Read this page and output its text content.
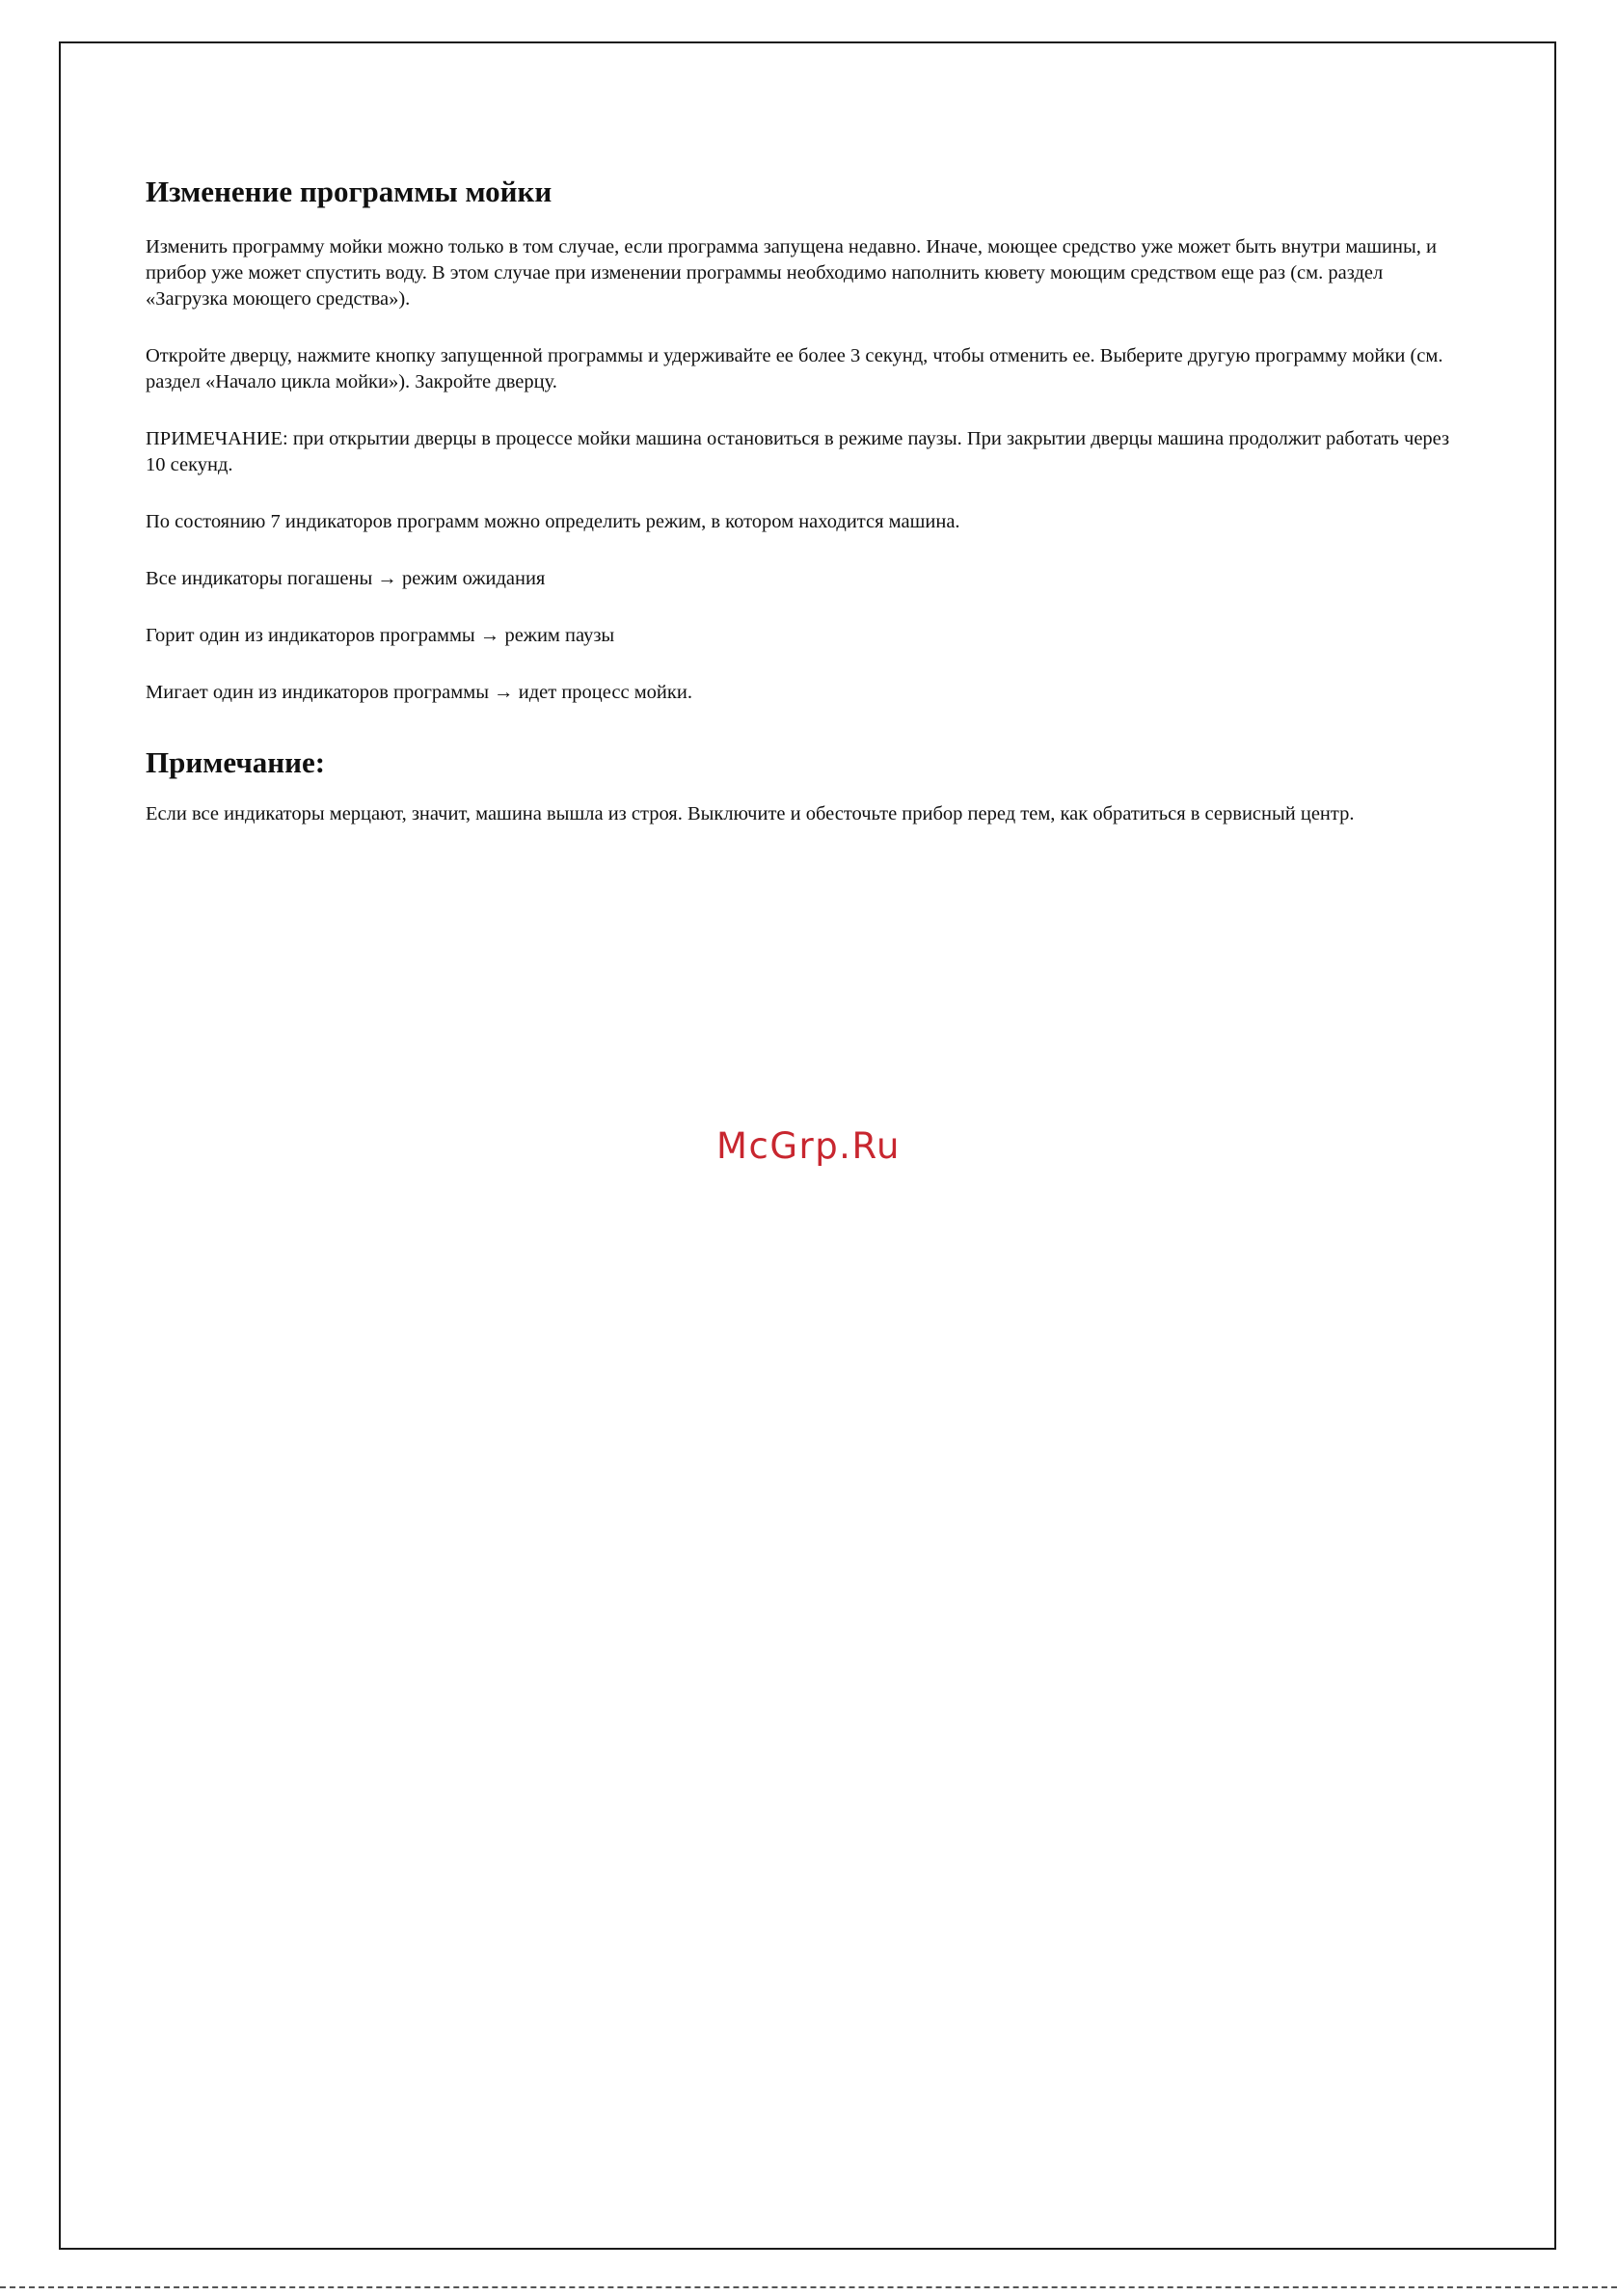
Изменение программы мойки

Изменить программу мойки можно только в том случае, если программа запущена недавно. Иначе, моющее средство уже может быть внутри машины, и прибор уже может спустить воду. В этом случае при изменении программы необходимо наполнить кювету моющим средством еще раз (см. раздел «Загрузка моющего средства»).

Откройте дверцу, нажмите кнопку запущенной программы и удерживайте ее более 3 секунд, чтобы отменить ее. Выберите другую программу мойки (см. раздел «Начало цикла мойки»). Закройте дверцу.

ПРИМЕЧАНИЕ: при открытии дверцы в процессе мойки машина остановиться в режиме паузы. При закрытии дверцы машина продолжит работать через 10 секунд.

По состоянию 7 индикаторов программ можно определить режим, в котором находится машина.

Все индикаторы погашены → режим ожидания

Горит один из индикаторов программы → режим паузы

Мигает один из индикаторов программы → идет процесс мойки.

Примечание:

Если все индикаторы мерцают, значит, машина вышла из строя. Выключите и обесточьте прибор перед тем, как обратиться в сервисный центр.

McGrp.Ru
